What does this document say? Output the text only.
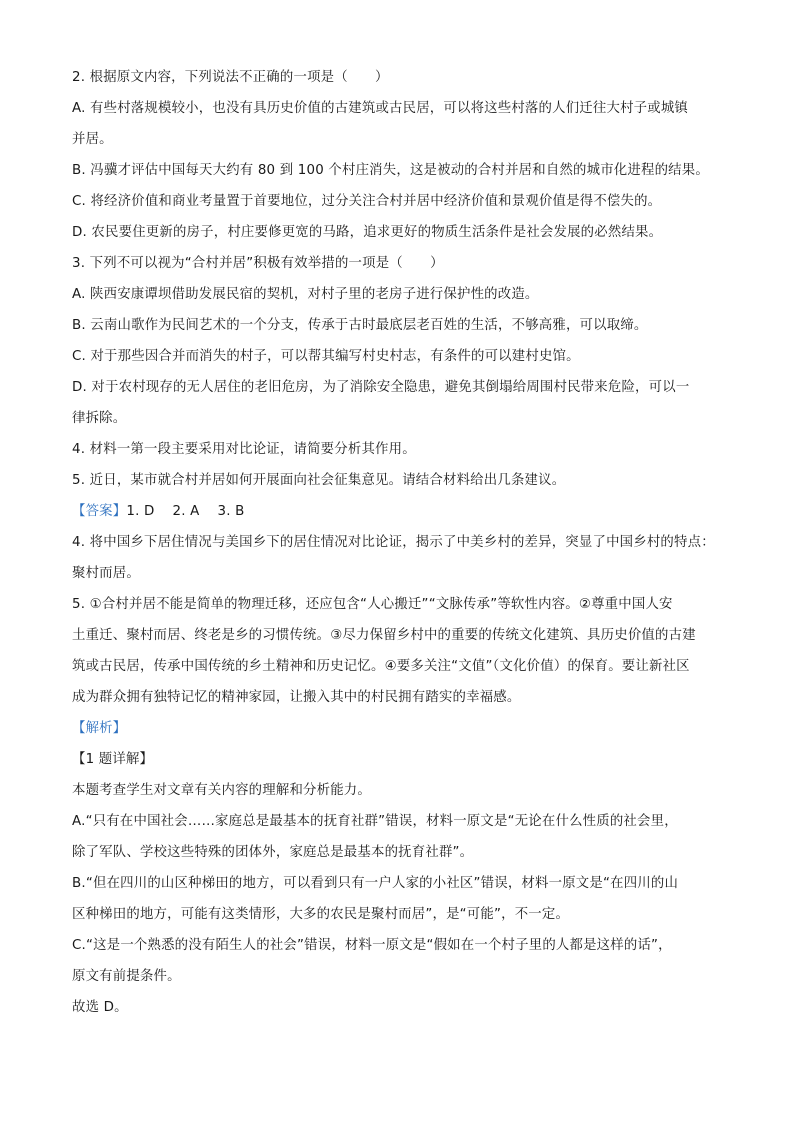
2. 根据原文内容，下列说法不正确的一项是（　　）
A. 有些村落规模较小，也没有具历史价值的古建筑或古民居，可以将这些村落的人们迁往大村子或城镇
并居。
B. 冯骥才评估中国每天大约有 80 到 100 个村庄消失，这是被动的合村并居和自然的城市化进程的结果。
C. 将经济价值和商业考量置于首要地位，过分关注合村并居中经济价值和景观价值是得不偿失的。
D. 农民要住更新的房子，村庄要修更宽的马路，追求更好的物质生活条件是社会发展的必然结果。
3. 下列不可以视为“合村并居”积极有效举措的一项是（　　）
A. 陕西安康谭坝借助发展民宿的契机，对村子里的老房子进行保护性的改造。
B. 云南山歌作为民间艺术的一个分支，传承于古时最底层老百姓的生活，不够高雅，可以取缔。
C. 对于那些因合并而消失的村子，可以帮其编写村史村志，有条件的可以建村史馆。
D. 对于农村现存的无人居住的老旧危房，为了消除安全隐患，避免其倒塌给周围村民带来危险，可以一
律拆除。
4. 材料一第一段主要采用对比论证，请简要分析其作用。
5. 近日，某市就合村并居如何开展面向社会征集意见。请结合材料给出几条建议。
【答案】1. D 2. A 3. B
4. 将中国乡下居住情况与美国乡下的居住情况对比论证，揭示了中美乡村的差异，突显了中国乡村的特点：
聚村而居。
5. ①合村并居不能是简单的物理迁移，还应包含“人心搬迁”“文脉传承”等软性内容。②尊重中国人安
土重迁、聚村而居、终老是乡的习惯传统。③尽力保留乡村中的重要的传统文化建筑、具历史价值的古建
筑或古民居，传承中国传统的乡土精神和历史记忆。④要多关注“文值”（文化价值）的保育。要让新社区
成为群众拥有独特记忆的精神家园，让搬入其中的村民拥有踏实的幸福感。
【解析】
【1 题详解】
本题考查学生对文章有关内容的理解和分析能力。
A.“只有在中国社会……家庭总是最基本的抚育社群”错误，材料一原文是“无论在什么性质的社会里，
除了军队、学校这些特殊的团体外，家庭总是最基本的抚育社群”。
B.“但在四川的山区种梯田的地方，可以看到只有一户人家的小社区”错误，材料一原文是“在四川的山
区种梯田的地方，可能有这类情形，大多的农民是聚村而居”，是“可能”，不一定。
C.“这是一个熟悉的没有陌生人的社会”错误，材料一原文是“假如在一个村子里的人都是这样的话”，
原文有前提条件。
故选 D。
